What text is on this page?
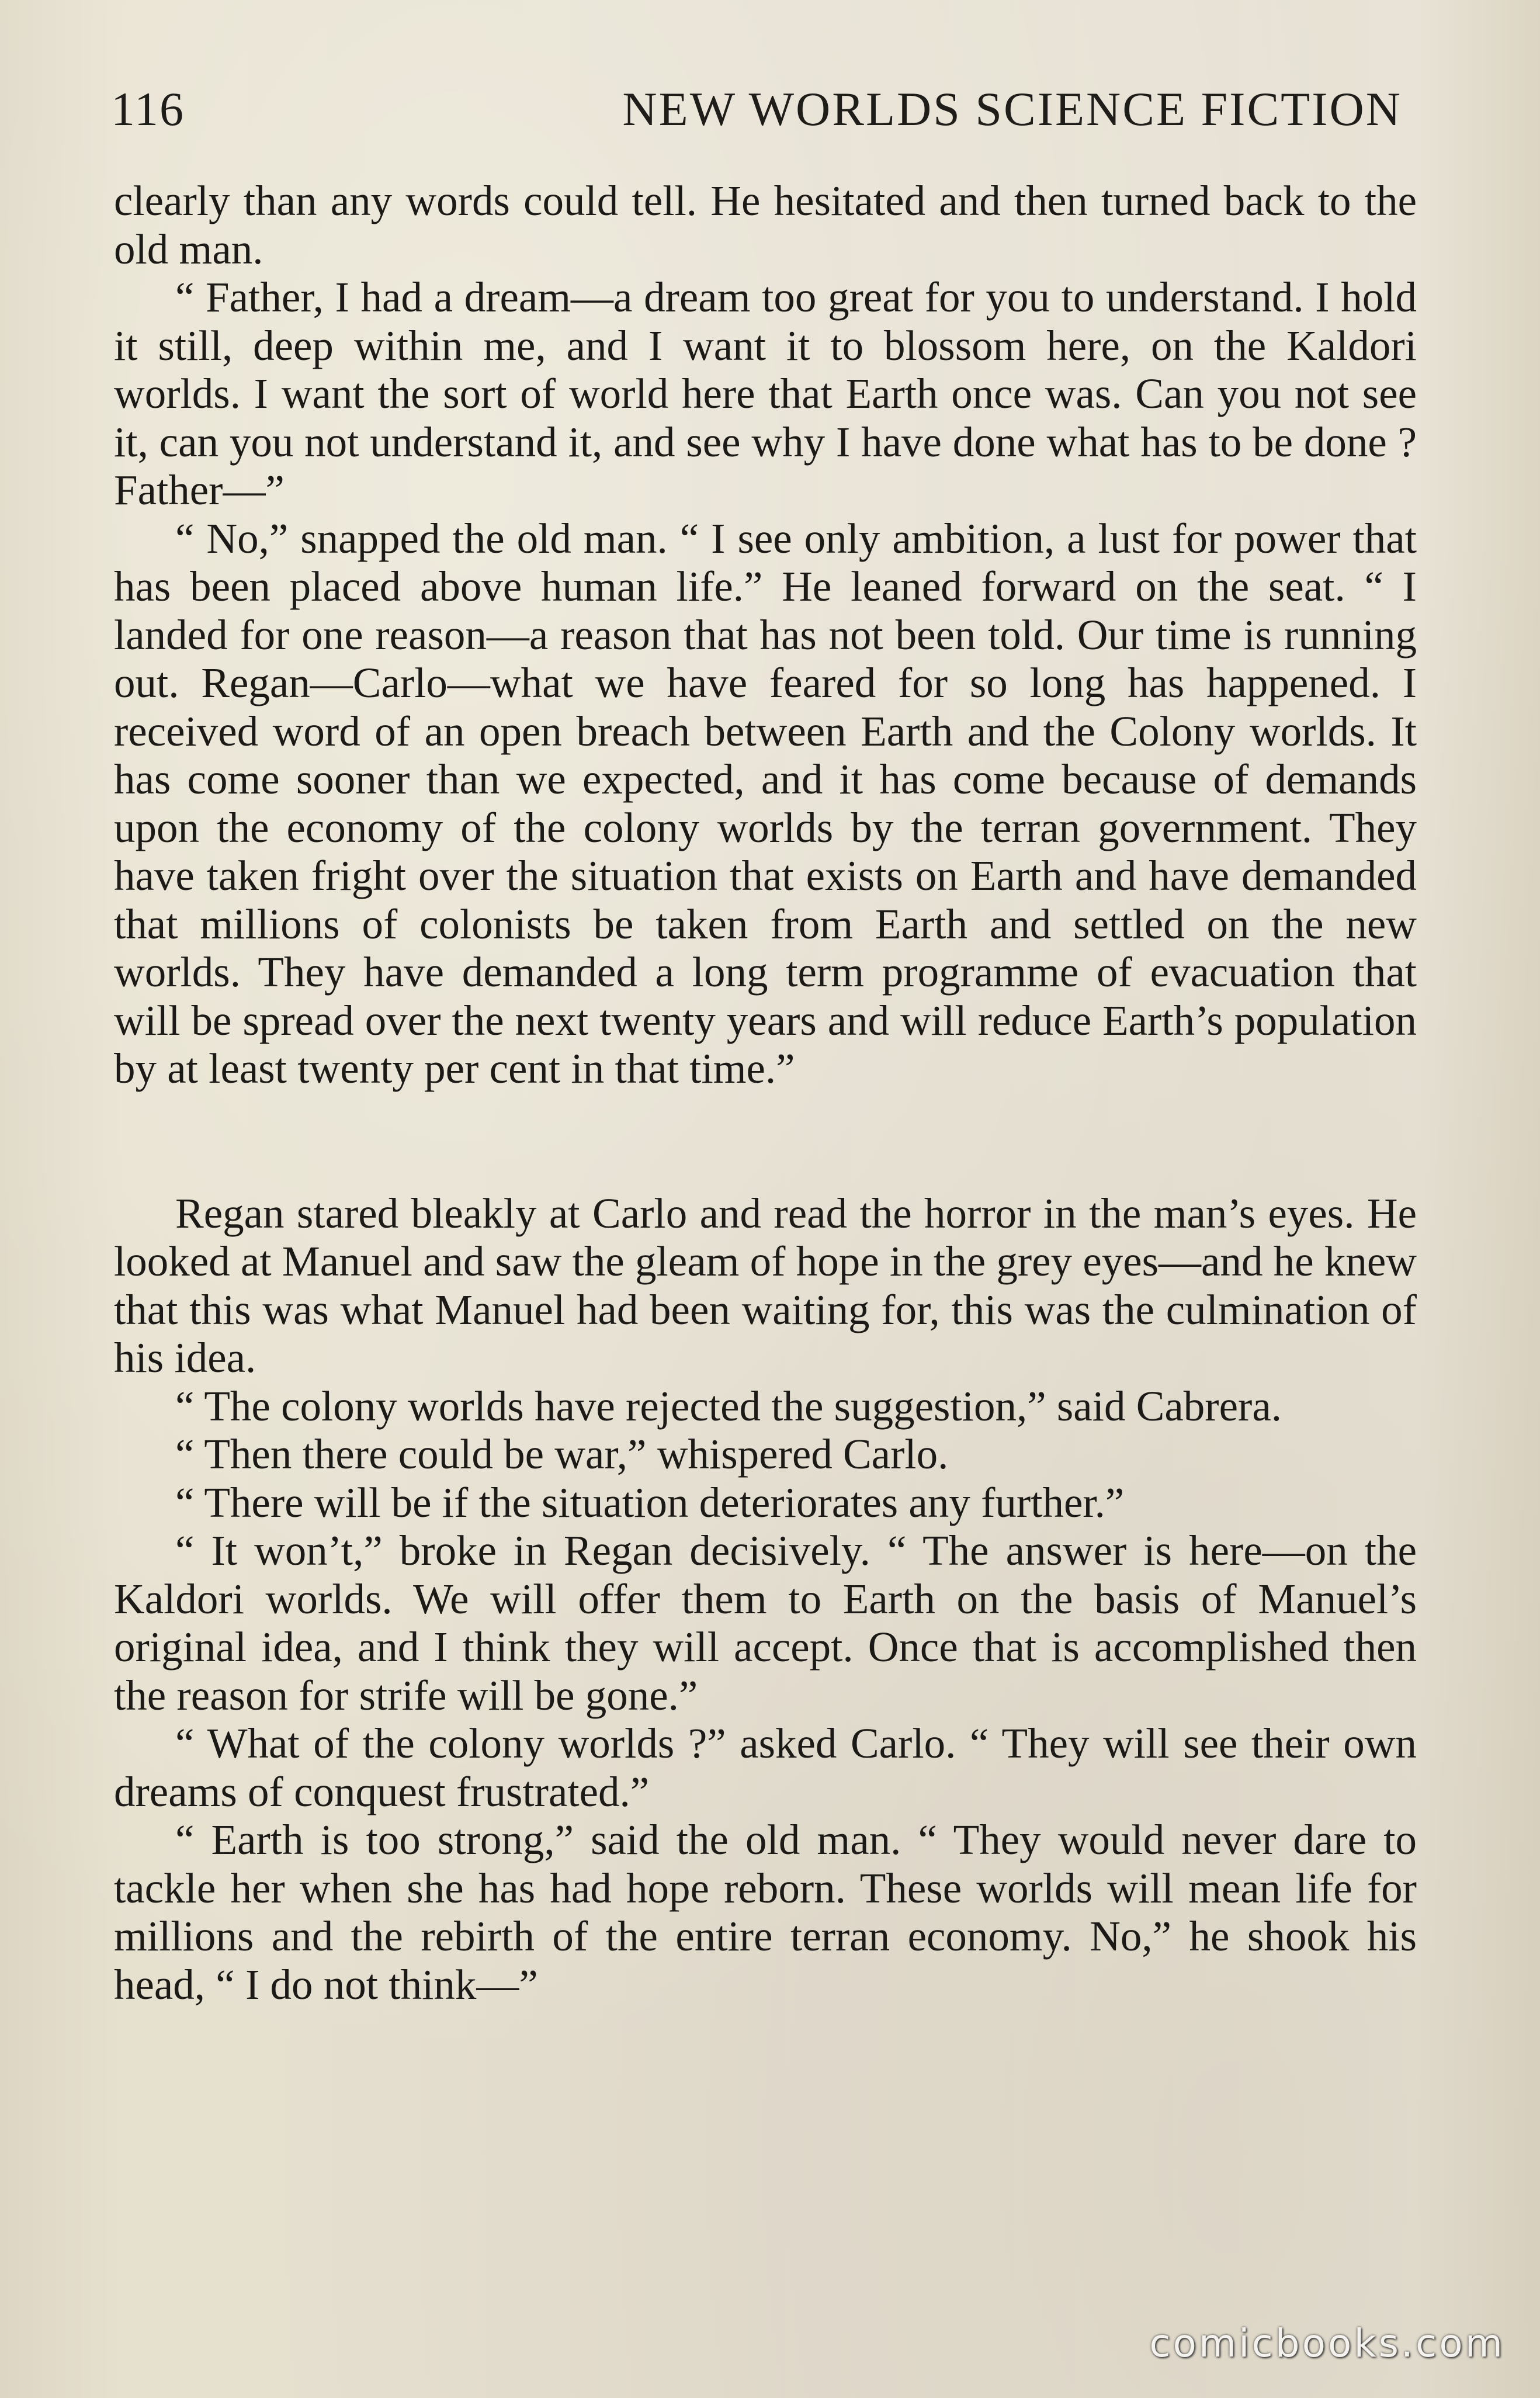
116	NEW WORLDS SCIENCE FICTION

clearly than any words could tell. He hesitated and then turned back to the old man.

“ Father, I had a dream—a dream too great for you to understand. I hold it still, deep within me, and I want it to blossom here, on the Kaldori worlds. I want the sort of world here that Earth once was. Can you not see it, can you not understand it, and see why I have done what has to be done ? Father—”

“ No,” snapped the old man. “ I see only ambition, a lust for power that has been placed above human life.” He leaned forward on the seat. “ I landed for one reason—a reason that has not been told. Our time is running out. Regan—Carlo—what we have feared for so long has happened. I received word of an open breach between Earth and the Colony worlds. It has come sooner than we expected, and it has come because of demands upon the economy of the colony worlds by the terran government. They have taken fright over the situation that exists on Earth and have demanded that millions of colonists be taken from Earth and settled on the new worlds. They have demanded a long term programme of evacuation that will be spread over the next twenty years and will reduce Earth’s population by at least twenty per cent in that time.”

Regan stared bleakly at Carlo and read the horror in the man’s eyes. He looked at Manuel and saw the gleam of hope in the grey eyes—and he knew that this was what Manuel had been waiting for, this was the culmination of his idea.

“ The colony worlds have rejected the suggestion,” said Cabrera.

“ Then there could be war,” whispered Carlo.

“ There will be if the situation deteriorates any further.”

“ It won’t,” broke in Regan decisively. “ The answer is here—on the Kaldori worlds. We will offer them to Earth on the basis of Manuel’s original idea, and I think they will accept. Once that is accomplished then the reason for strife will be gone.”

“ What of the colony worlds ?” asked Carlo. “ They will see their own dreams of conquest frustrated.”

“ Earth is too strong,” said the old man. “ They would never dare to tackle her when she has had hope reborn. These worlds will mean life for millions and the rebirth of the entire terran economy. No,” he shook his head, “ I do not think—”

comicbooks.com
